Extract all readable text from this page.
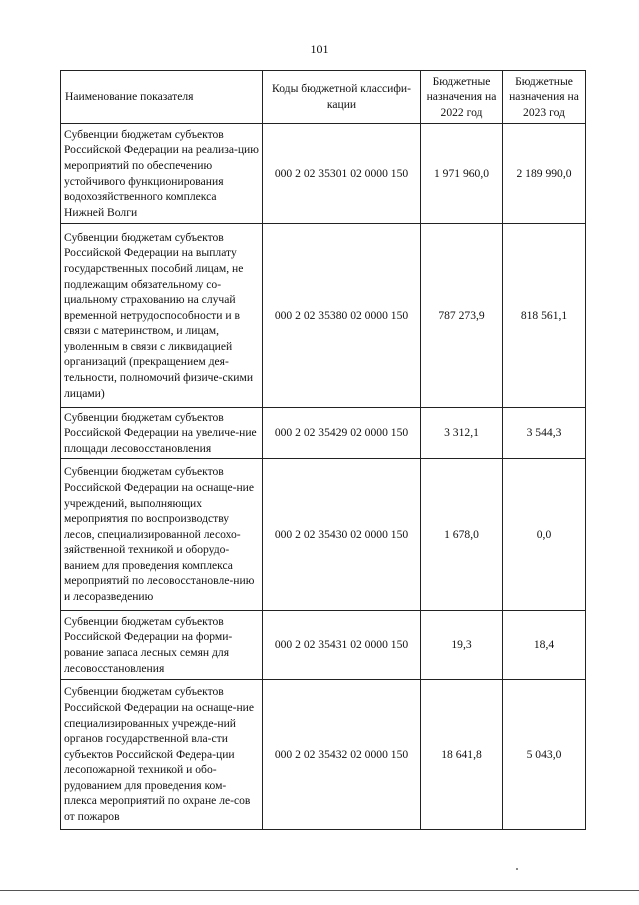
101
Наименование показателя	Коды бюджетной классифи-кации	Бюджетные назначения на 2022 год	Бюджетные назначения на 2023 год
Субвенции бюджетам субъектов Российской Федерации на реализа-цию мероприятий по обеспечению устойчивого функционирования водохозяйственного комплекса Нижней Волги	000 2 02 35301 02 0000 150	1 971 960,0	2 189 990,0
Субвенции бюджетам субъектов Российской Федерации на выплату государственных пособий лицам, не подлежащим обязательному со-циальному страхованию на случай временной нетрудоспособности и в связи с материнством, и лицам, уволенным в связи с ликвидацией организаций (прекращением дея-тельности, полномочий физиче-скими лицами)	000 2 02 35380 02 0000 150	787 273,9	818 561,1
Субвенции бюджетам субъектов Российской Федерации на увеличе-ние площади лесовосстановления	000 2 02 35429 02 0000 150	3 312,1	3 544,3
Субвенции бюджетам субъектов Российской Федерации на оснаще-ние учреждений, выполняющих мероприятия по воспроизводству лесов, специализированной лесохо-зяйственной техникой и оборудо-ванием для проведения комплекса мероприятий по лесовосстановле-нию и лесоразведению	000 2 02 35430 02 0000 150	1 678,0	0,0
Субвенции бюджетам субъектов Российской Федерации на форми-рование запаса лесных семян для лесовосстановления	000 2 02 35431 02 0000 150	19,3	18,4
Субвенции бюджетам субъектов Российской Федерации на оснаще-ние специализированных учрежде-ний органов государственной вла-сти субъектов Российской Федера-ции лесопожарной техникой и обо-рудованием для проведения ком-плекса мероприятий по охране ле-сов от пожаров	000 2 02 35432 02 0000 150	18 641,8	5 043,0
